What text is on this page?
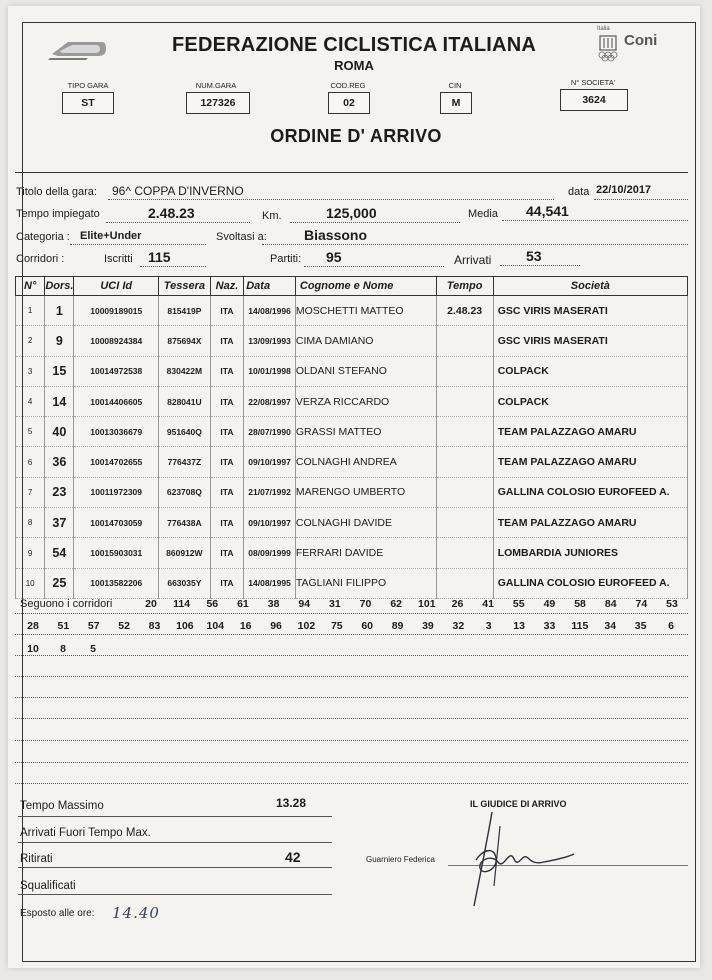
Italia
Coni
FEDERAZIONE CICLISTICA ITALIANA
ROMA
TIPO GARA
ST
NUM.GARA
127326
COD.REG
02
CIN
M
N° SOCIETA'
3624
ORDINE D' ARRIVO
Titolo della gara: 96^ COPPA D'INVERNO	data 22/10/2017
Tempo impiegato	2.48.23	Km.	125,000	Media 44,541
Categoria : Elite+Under	Svoltasi a:	Biassono
Corridori :	Iscritti 115	Partiti: 95	Arrivati 53
N°	Dors.	UCI Id	Tessera	Naz.	Data	Cognome e Nome	Tempo	Società
1	1	10009189015	815419P	ITA	14/08/1996	MOSCHETTI MATTEO	2.48.23	GSC VIRIS MASERATI
2	9	10008924384	875694X	ITA	13/09/1993	CIMA DAMIANO		GSC VIRIS MASERATI
3	15	10014972538	830422M	ITA	10/01/1998	OLDANI STEFANO		COLPACK
4	14	10014406605	828041U	ITA	22/08/1997	VERZA RICCARDO		COLPACK
5	40	10013036679	951640Q	ITA	28/07/1990	GRASSI MATTEO		TEAM PALAZZAGO AMARU
6	36	10014702655	776437Z	ITA	09/10/1997	COLNAGHI ANDREA		TEAM PALAZZAGO AMARU
7	23	10011972309	623708Q	ITA	21/07/1992	MARENGO UMBERTO		GALLINA COLOSIO EUROFEED A.
8	37	10014703059	776438A	ITA	09/10/1997	COLNAGHI DAVIDE		TEAM PALAZZAGO AMARU
9	54	10015903031	860912W	ITA	08/09/1999	FERRARI DAVIDE		LOMBARDIA JUNIORES
10	25	10013582206	663035Y	ITA	14/08/1995	TAGLIANI FILIPPO		GALLINA COLOSIO EUROFEED A.
Seguono i corridori	20	114	56	61	38	94	31	70	62	101	26	41	55	49	58	84	74	53
28	51	57	52	83	106	104	16	96	102	75	60	89	39	32	3	13	33	115	34	35	6
10	8	5
Tempo Massimo	13.28
Arrivati Fuori Tempo Max.
Ritirati	42
Squalificati
Esposto alle ore: 14.40
IL GIUDICE DI ARRIVO
Guarniero Federica
